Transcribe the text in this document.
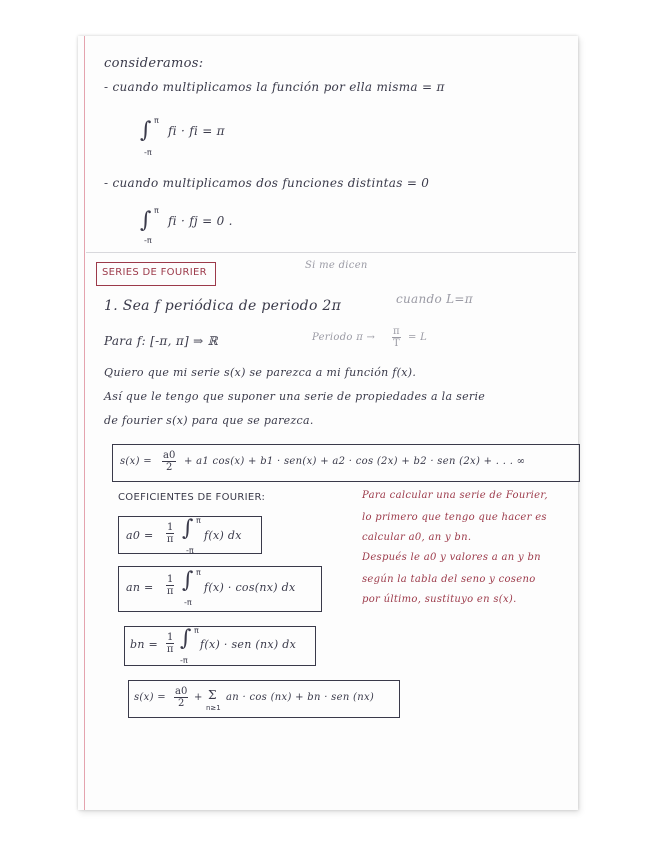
consideramos:
- cuando multiplicamos la función por ella misma = π
∫ π
-π
fi · fi = π
- cuando multiplicamos dos funciones distintas = 0
∫ π
-π
fi · fj = 0 .
SERIES DE FOURIER
Si me dicen
1. Sea f periódica de periodo 2π	cuando L=π
Para f: [-π, π] ⇒ ℝ	Periodo $\pi \to \frac{\pi}{T} = L$
Quiero que mi serie s(x) se parezca a mi función f(x).
Así que le tengo que suponer una serie de propiedades a la serie
de fourier s(x) para que se parezca.
$s(x) = \frac{a0}{2} + a1$ cos(x) + b1 · sen(x) + a2 · cos (2x) + b2 · sen (2x) + . . . ∞
COEFICIENTES DE FOURIER:
$a0 = \frac{1}{\pi}$ ∫ π
-π
f(x) dx
an = $\frac{1}{\pi}$ ∫ π
-π
f(x) · cos(nx) dx
bn = $\frac{1}{\pi}$ ∫ π
-π
f(x) · sen (nx) dx
$s(x) = \frac{a0}{2} + \Sigma$
n≥1
an · cos (nx) + bn · sen (nx)
Para calcular una serie de Fourier,
lo primero que tengo que hacer es
calcular a0, an y bn.
Después le a0 y valores a an y bn
según la tabla del seno y coseno
por último, sustituyo en s(x).
